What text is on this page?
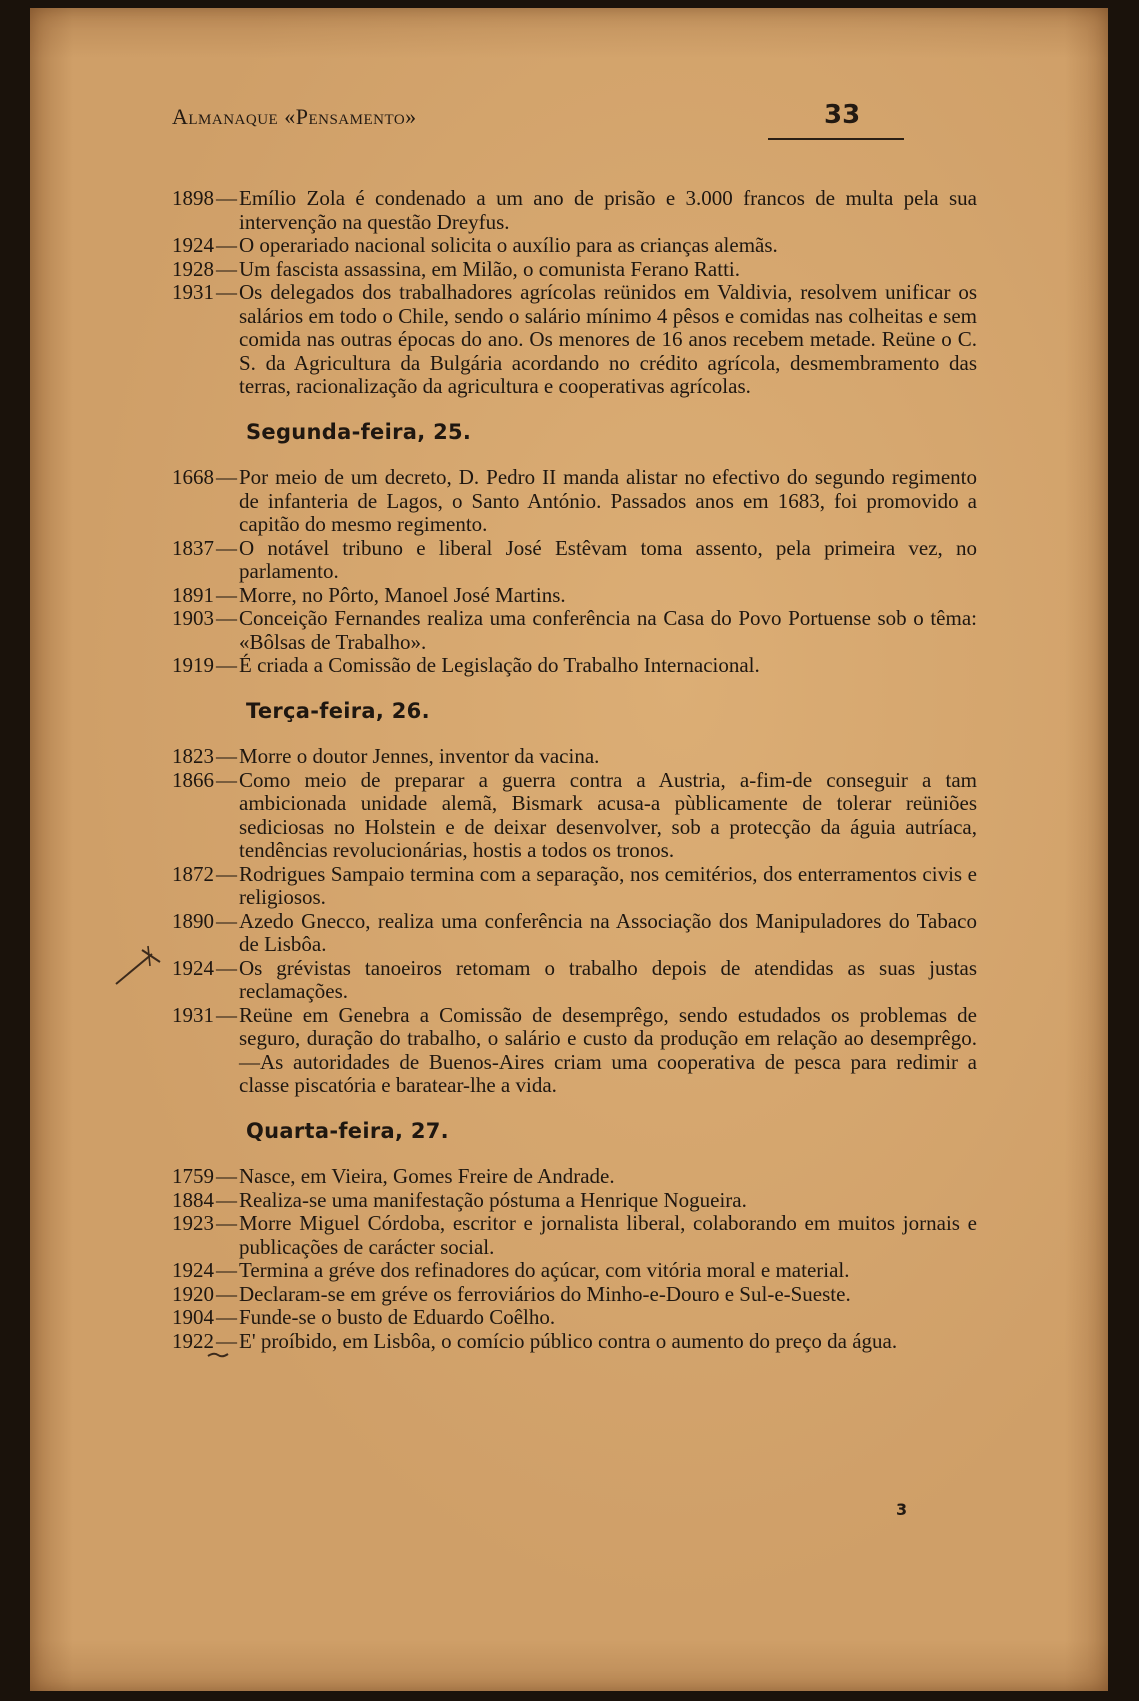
Almanaque «Pensamento»	33
1898 — Emílio Zola é condenado a um ano de prisão e 3.000 francos de multa pela sua intervenção na questão Dreyfus.
1924 — O operariado nacional solicita o auxílio para as crianças alemãs.
1928 — Um fascista assassina, em Milão, o comunista Ferano Ratti.
1931 — Os delegados dos trabalhadores agrícolas reünidos em Valdivia, resolvem unificar os salários em todo o Chile, sendo o salário mínimo 4 pêsos e comidas nas colheitas e sem comida nas outras épocas do ano. Os menores de 16 anos recebem metade. Reüne o C. S. da Agricultura da Bulgária acordando no crédito agrícola, desmembramento das terras, racionalização da agricultura e cooperativas agrícolas.
Segunda-feira, 25.
1668 — Por meio de um decreto, D. Pedro II manda alistar no efectivo do segundo regimento de infanteria de Lagos, o Santo António. Passados anos em 1683, foi promovido a capitão do mesmo regimento.
1837 — O notável tribuno e liberal José Estêvam toma assento, pela primeira vez, no parlamento.
1891 — Morre, no Pôrto, Manoel José Martins.
1903 — Conceição Fernandes realiza uma conferência na Casa do Povo Portuense sob o têma: «Bôlsas de Trabalho».
1919 — É criada a Comissão de Legislação do Trabalho Internacional.
Terça-feira, 26.
1823 — Morre o doutor Jennes, inventor da vacina.
1866 — Como meio de preparar a guerra contra a Austria, a-fim-de conseguir a tam ambicionada unidade alemã, Bismark acusa-a pùblicamente de tolerar reüniões sediciosas no Holstein e de deixar desenvolver, sob a protecção da águia autríaca, tendências revolucionárias, hostis a todos os tronos.
1872 — Rodrigues Sampaio termina com a separação, nos cemitérios, dos enterramentos civis e religiosos.
1890 — Azedo Gnecco, realiza uma conferência na Associação dos Manipuladores do Tabaco de Lisbôa.
1924 — Os grévistas tanoeiros retomam o trabalho depois de atendidas as suas justas reclamações.
1931 — Reüne em Genebra a Comissão de desemprêgo, sendo estudados os problemas de seguro, duração do trabalho, o salário e custo da produção em relação ao desemprêgo.—As autoridades de Buenos-Aires criam uma cooperativa de pesca para redimir a classe piscatória e baratear-lhe a vida.
Quarta-feira, 27.
1759 — Nasce, em Vieira, Gomes Freire de Andrade.
1884 — Realiza-se uma manifestação póstuma a Henrique Nogueira.
1923 — Morre Miguel Córdoba, escritor e jornalista liberal, colaborando em muitos jornais e publicações de carácter social.
1924 — Termina a gréve dos refinadores do açúcar, com vitória moral e material.
1920 — Declaram-se em gréve os ferroviários do Minho-e-Douro e Sul-e-Sueste.
1904 — Funde-se o busto de Eduardo Coêlho.
1922 — E' proíbido, em Lisbôa, o comício público contra o aumento do preço da água.
3
